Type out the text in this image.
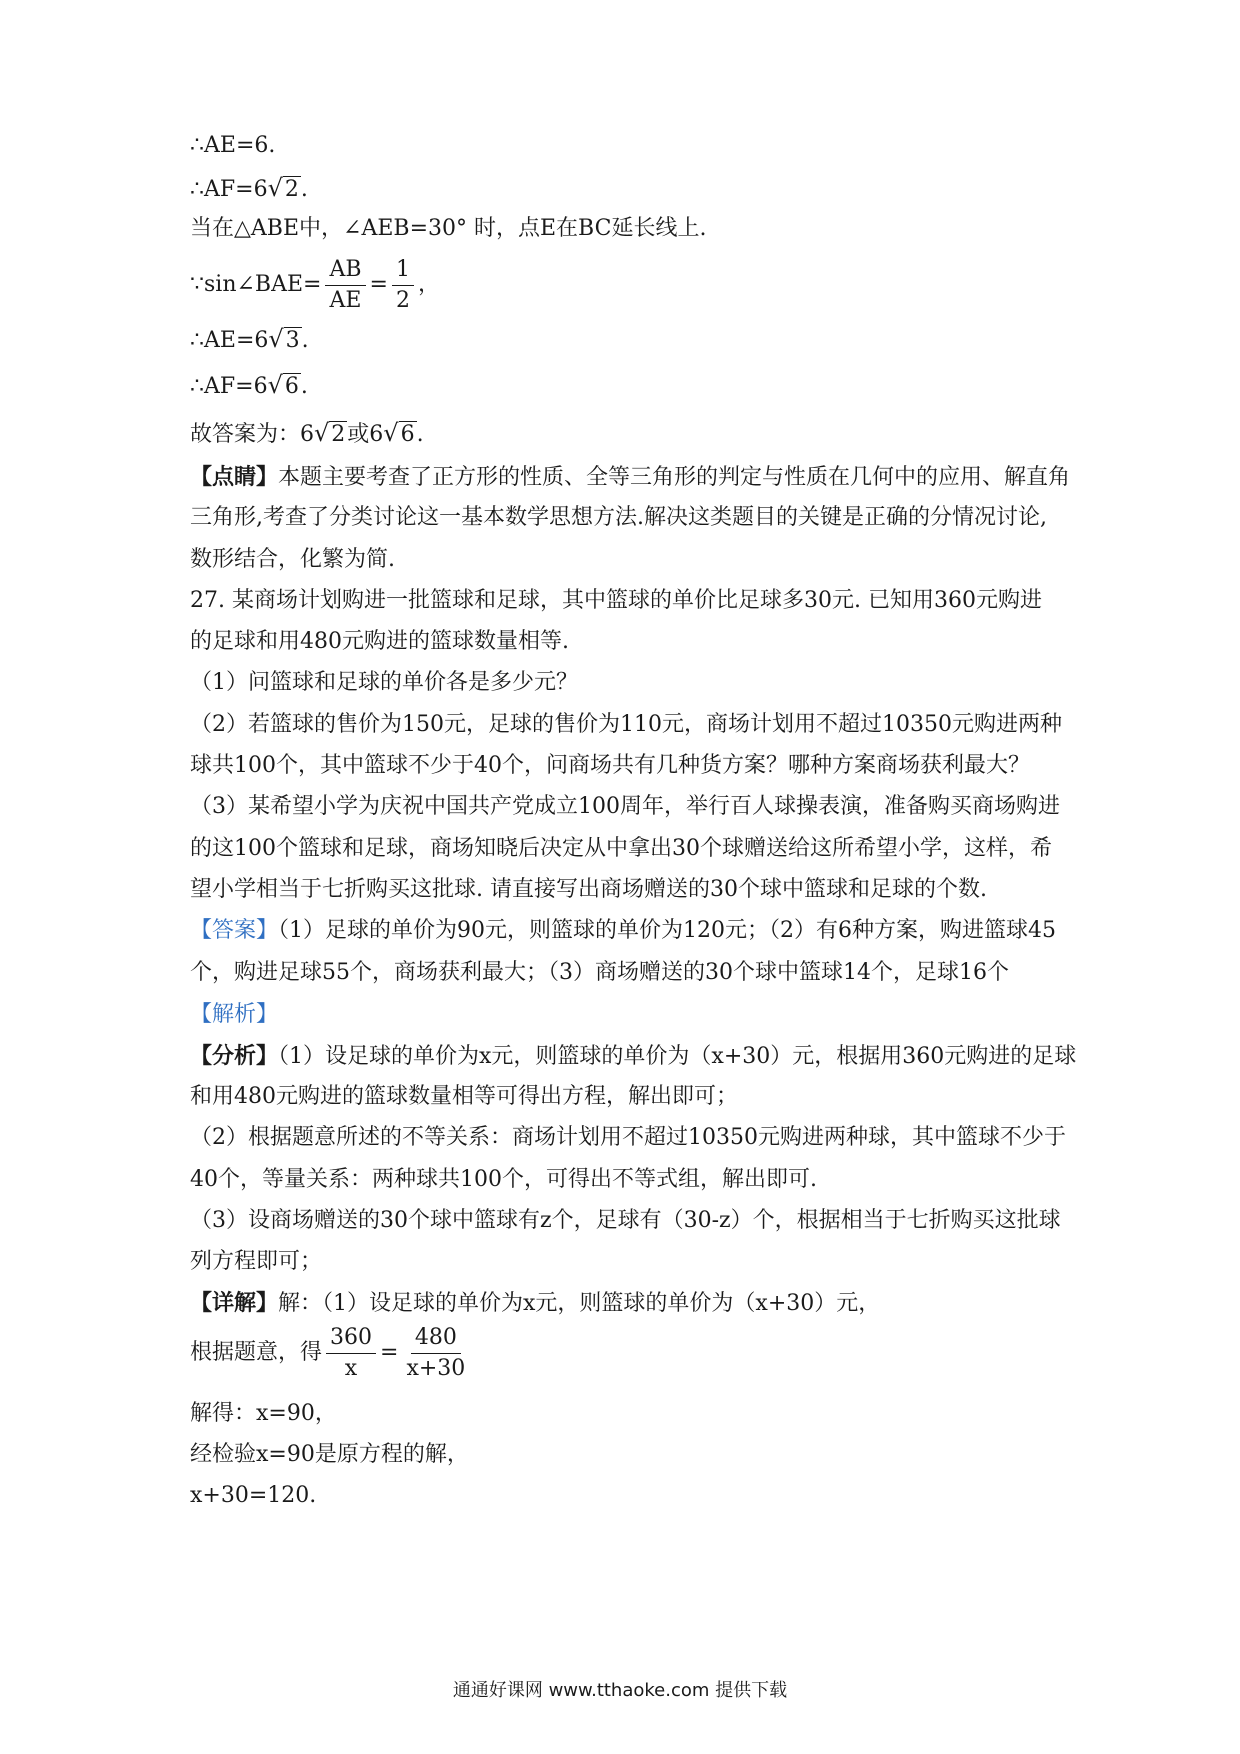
∴AE=6.
∴AF=6√2.
当在△ABE中，∠AEB=30° 时，点E在BC延长线上.
∵sin∠BAE= $\frac{AB}{AE} = \frac{1}{2}$ ，
∴AE=6√3.
∴AF=6√6.
故答案为：6√2或6√6.
【点睛】本题主要考查了正方形的性质、全等三角形的判定与性质在几何中的应用、解直角
三角形,考查了分类讨论这一基本数学思想方法.解决这类题目的关键是正确的分情况讨论,
数形结合，化繁为简.
27. 某商场计划购进一批篮球和足球，其中篮球的单价比足球多30元. 已知用360元购进
的足球和用480元购进的篮球数量相等.
（1）问篮球和足球的单价各是多少元？
（2）若篮球的售价为150元，足球的售价为110元，商场计划用不超过10350元购进两种
球共100个，其中篮球不少于40个，问商场共有几种货方案？哪种方案商场获利最大？
（3）某希望小学为庆祝中国共产党成立100周年，举行百人球操表演，准备购买商场购进
的这100个篮球和足球，商场知晓后决定从中拿出30个球赠送给这所希望小学，这样，希
望小学相当于七折购买这批球. 请直接写出商场赠送的30个球中篮球和足球的个数.
【答案】（1）足球的单价为90元，则篮球的单价为120元；（2）有6种方案，购进篮球45
个，购进足球55个，商场获利最大；（3）商场赠送的30个球中篮球14个，足球16个
【解析】
【分析】（1）设足球的单价为x元，则篮球的单价为（x+30）元，根据用360元购进的足球
和用480元购进的篮球数量相等可得出方程，解出即可；
（2）根据题意所述的不等关系：商场计划用不超过10350元购进两种球，其中篮球不少于
40个，等量关系：两种球共100个，可得出不等式组，解出即可.
（3）设商场赠送的30个球中篮球有z个，足球有（30-z）个，根据相当于七折购买这批球
列方程即可；
【详解】解：（1）设足球的单价为x元，则篮球的单价为（x+30）元，
根据题意，得 $\frac{360}{x} = \frac{480}{x+30}$
解得：x=90，
经检验x=90是原方程的解，
x+30=120.
通通好课网 www.tthaoke.com 提供下载
